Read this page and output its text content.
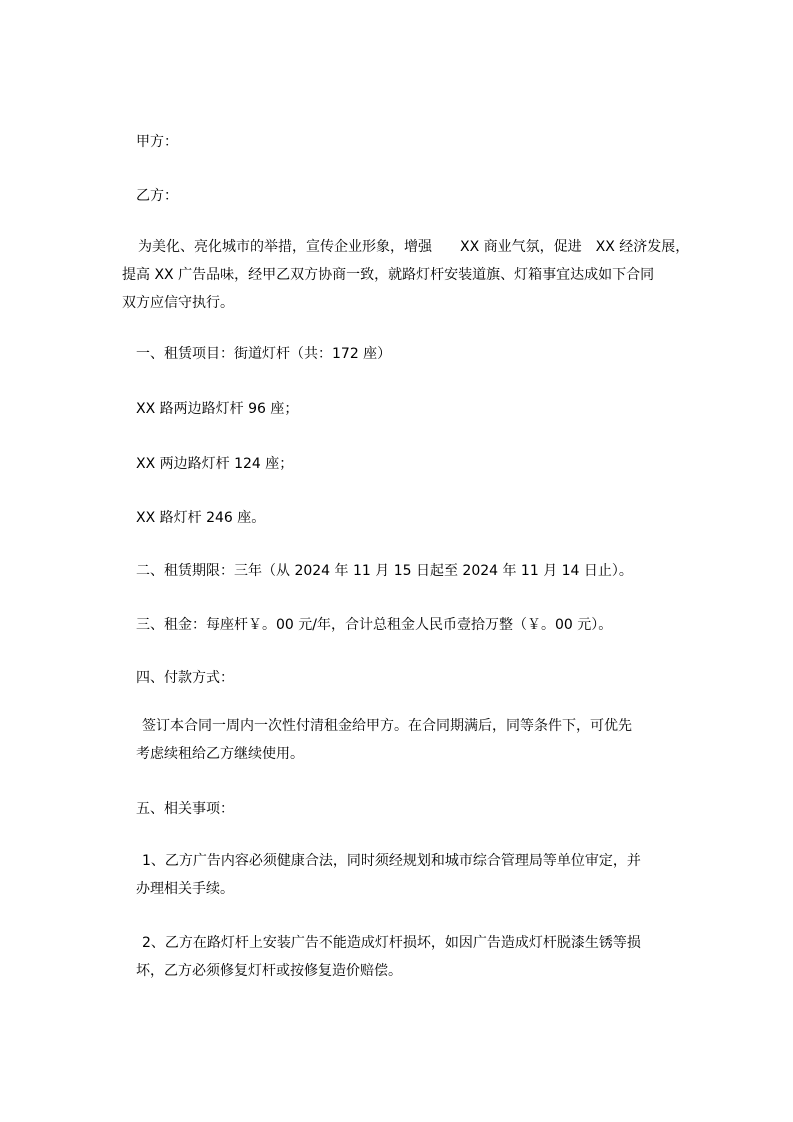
甲方：

乙方：

为美化、亮化城市的举措，宣传企业形象，增强　　XX 商业气氛，促进　XX 经济发展，
提高 XX 广告品味，经甲乙双方协商一致，就路灯杆安装道旗、灯箱事宜达成如下合同
双方应信守执行。

一、租赁项目：街道灯杆（共：172 座）

XX 路两边路灯杆 96 座；

XX 两边路灯杆 124 座；

XX 路灯杆 246 座。

二、租赁期限：三年（从 2024 年 11 月 15 日起至 2024 年 11 月 14 日止）。

三、租金：每座杆￥。00 元/年，合计总租金人民币壹拾万整（￥。00 元）。

四、付款方式：

签订本合同一周内一次性付清租金给甲方。在合同期满后，同等条件下，可优先
考虑续租给乙方继续使用。

五、相关事项：

1、乙方广告内容必须健康合法，同时须经规划和城市综合管理局等单位审定，并
办理相关手续。
2、乙方在路灯杆上安装广告不能造成灯杆损坏，如因广告造成灯杆脱漆生锈等损
坏，乙方必须修复灯杆或按修复造价赔偿。
